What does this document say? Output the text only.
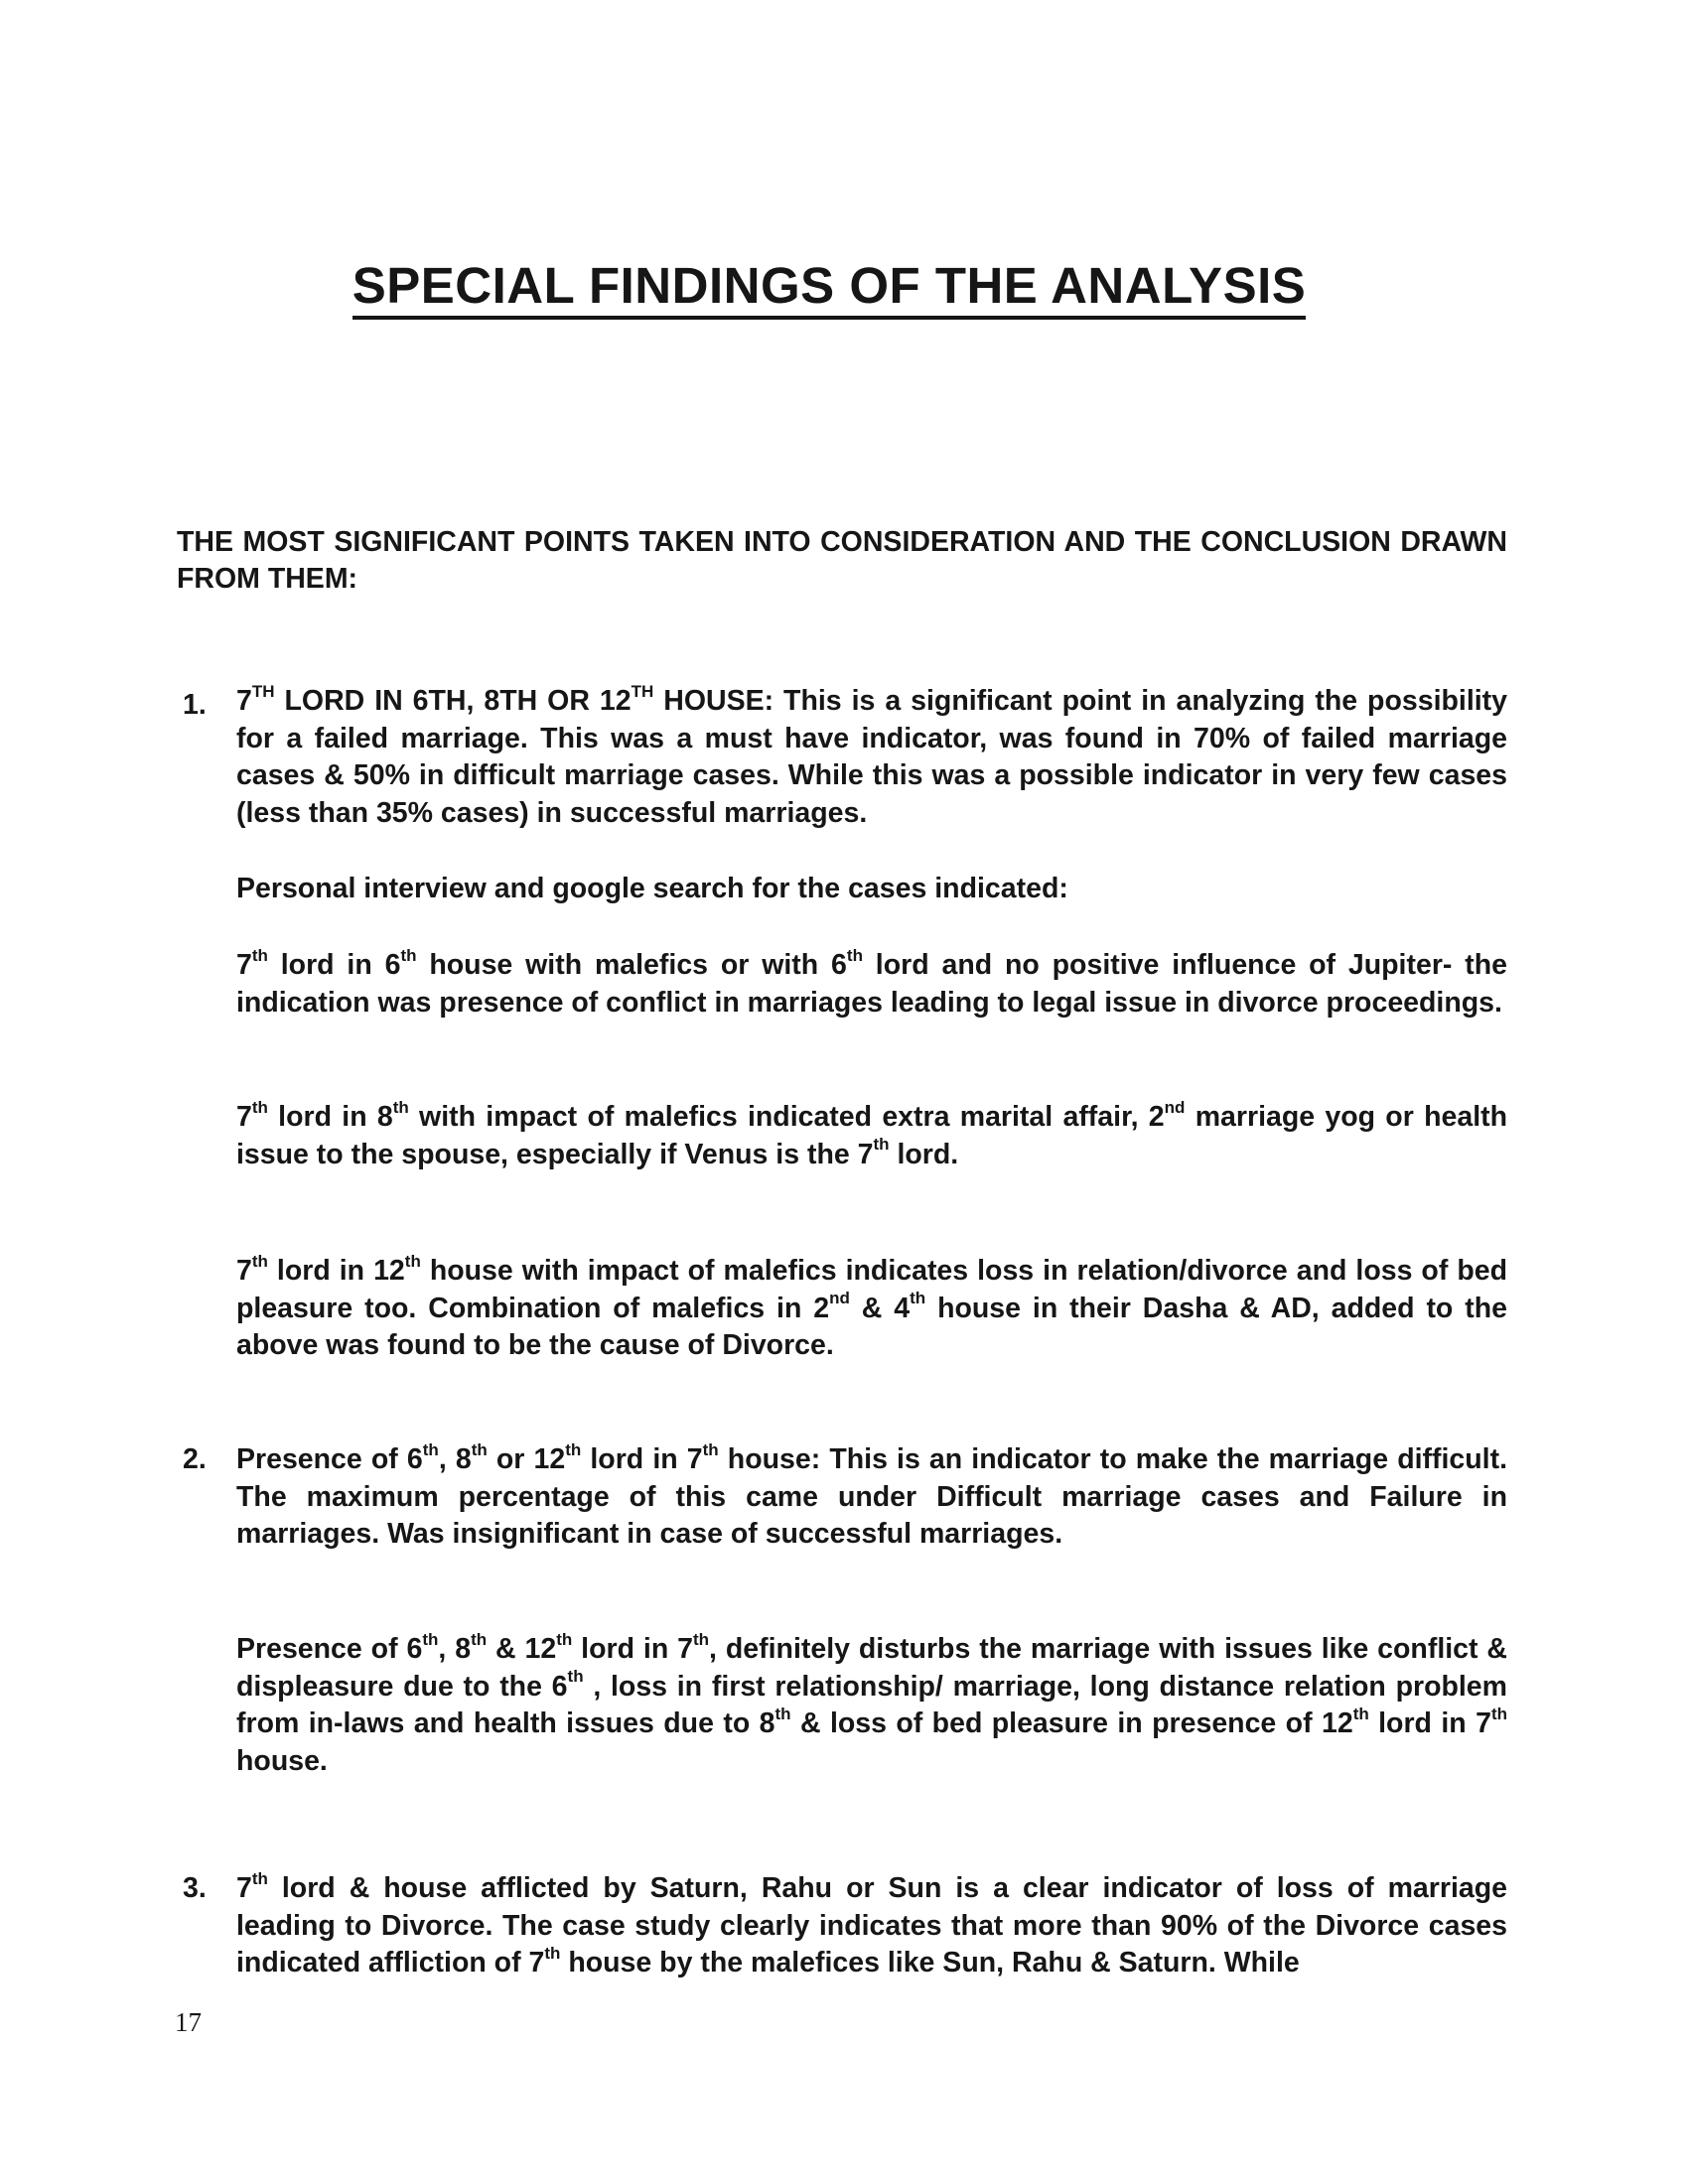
SPECIAL FINDINGS OF THE ANALYSIS
THE MOST SIGNIFICANT POINTS TAKEN INTO CONSIDERATION AND THE CONCLUSION DRAWN FROM THEM:
1. 7TH LORD IN 6TH, 8TH OR 12TH HOUSE: This is a significant point in analyzing the possibility for a failed marriage. This was a must have indicator, was found in 70% of failed marriage cases & 50% in difficult marriage cases. While this was a possible indicator in very few cases (less than 35% cases) in successful marriages.

Personal interview and google search for the cases indicated:

7th lord in 6th house with malefics or with 6th lord and no positive influence of Jupiter- the indication was presence of conflict in marriages leading to legal issue in divorce proceedings.

7th lord in 8th with impact of malefics indicated extra marital affair, 2nd marriage yog or health issue to the spouse, especially if Venus is the 7th lord.

7th lord in 12th house with impact of malefics indicates loss in relation/divorce and loss of bed pleasure too. Combination of malefics in 2nd & 4th house in their Dasha & AD, added to the above was found to be the cause of Divorce.

2. Presence of 6th, 8th or 12th lord in 7th house: This is an indicator to make the marriage difficult. The maximum percentage of this came under Difficult marriage cases and Failure in marriages. Was insignificant in case of successful marriages.

Presence of 6th, 8th & 12th lord in 7th, definitely disturbs the marriage with issues like conflict & displeasure due to the 6th , loss in first relationship/ marriage, long distance relation problem from in-laws and health issues due to 8th & loss of bed pleasure in presence of 12th lord in 7th house.

3. 7th lord & house afflicted by Saturn, Rahu or Sun is a clear indicator of loss of marriage leading to Divorce. The case study clearly indicates that more than 90% of the Divorce cases indicated affliction of 7th house by the malefices like Sun, Rahu & Saturn. While

17
